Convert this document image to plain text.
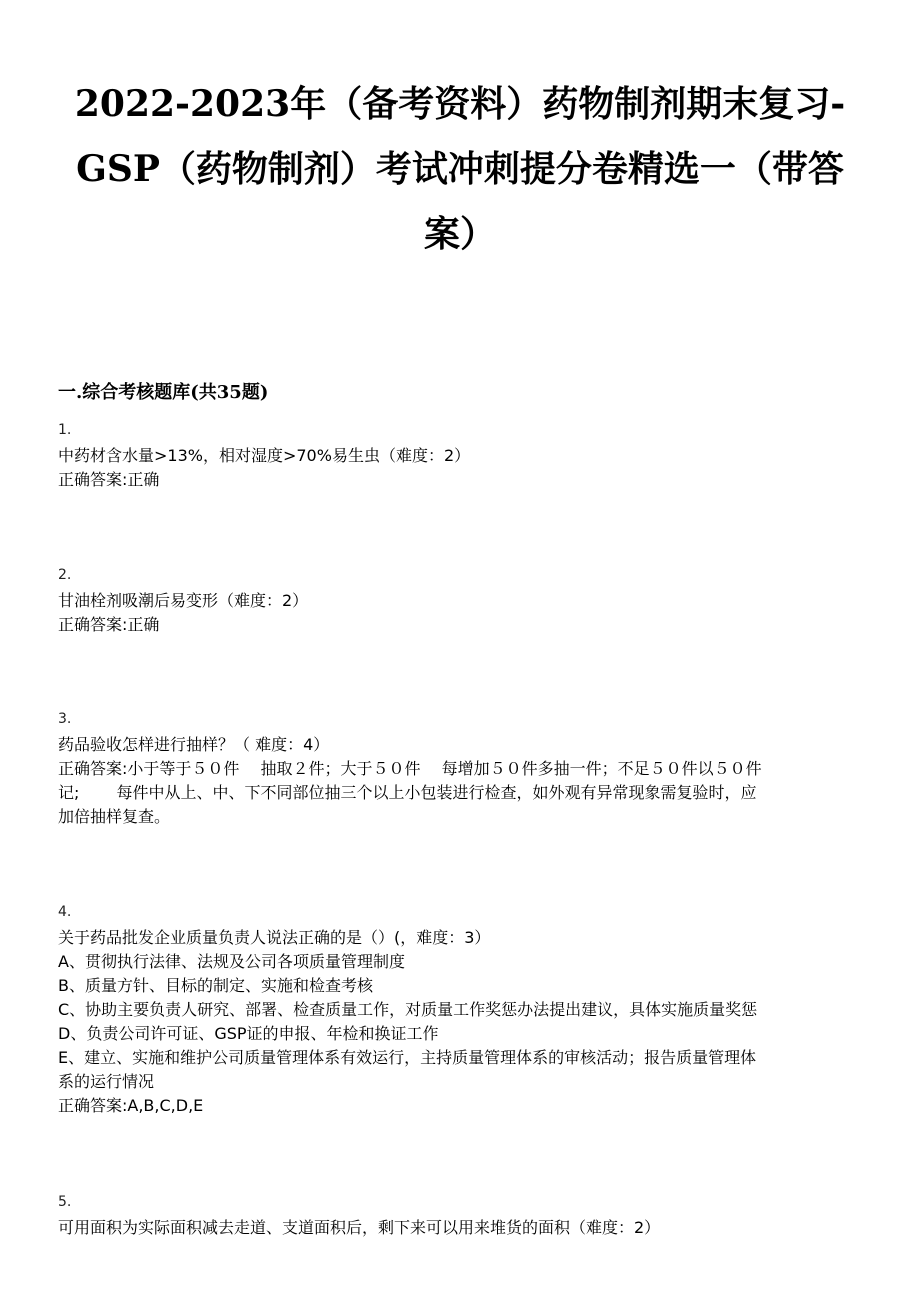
2022-2023年（备考资料）药物制剂期末复习-
GSP（药物制剂）考试冲刺提分卷精选一（带答
案）
一.综合考核题库(共35题)
1.
中药材含水量>13%，相对湿度>70%易生虫（难度：2）
正确答案:正确
2.
甘油栓剂吸潮后易变形（难度：2）
正确答案:正确
3.
药品验收怎样进行抽样？（ 难度：4）
正确答案:小于等于５０件　 抽取２件；大于５０件　 每增加５０件多抽一件；不足５０件以５０件
记;　　 每件中从上、中、下不同部位抽三个以上小包装进行检查，如外观有异常现象需复验时，应
加倍抽样复查。
4.
关于药品批发企业质量负责人说法正确的是（）(，难度：3）
A、贯彻执行法律、法规及公司各项质量管理制度
B、质量方针、目标的制定、实施和检查考核
C、协助主要负责人研究、部署、检查质量工作，对质量工作奖惩办法提出建议，具体实施质量奖惩
D、负责公司许可证、GSP证的申报、年检和换证工作
E、建立、实施和维护公司质量管理体系有效运行，主持质量管理体系的审核活动；报告质量管理体
系的运行情况
正确答案:A,B,C,D,E
5.
可用面积为实际面积减去走道、支道面积后，剩下来可以用来堆货的面积（难度：2）
